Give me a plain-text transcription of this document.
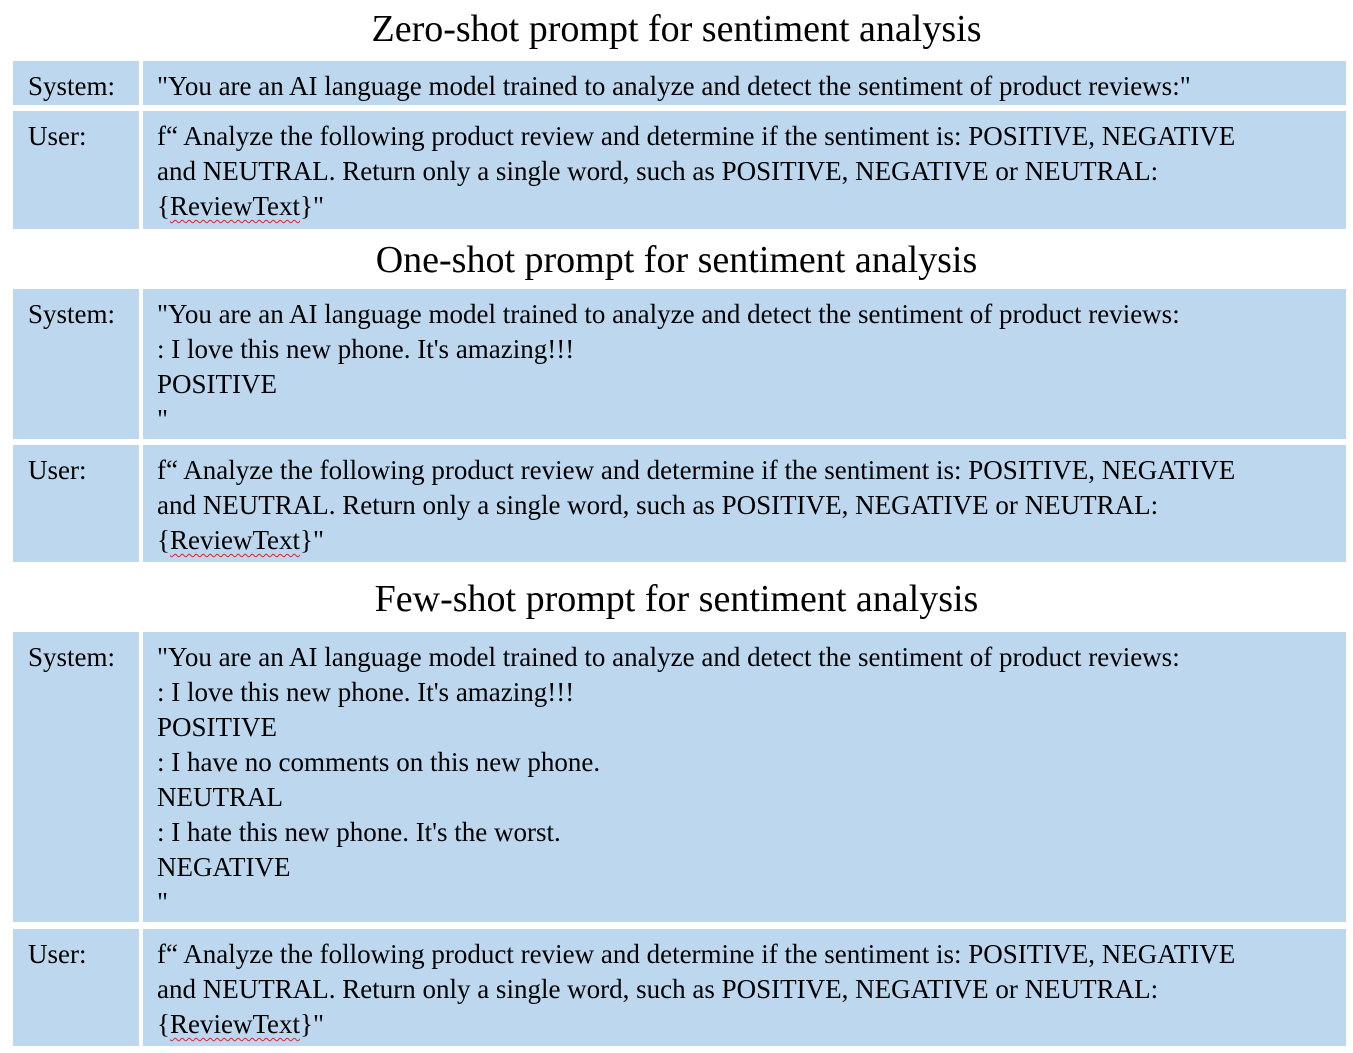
Zero-shot prompt for sentiment analysis
System:	"You are an AI language model trained to analyze and detect the sentiment of product reviews:"
User:	f“ Analyze the following product review and determine if the sentiment is: POSITIVE, NEGATIVE
and NEUTRAL. Return only a single word, such as POSITIVE, NEGATIVE or NEUTRAL:
{ReviewText}"
One-shot prompt for sentiment analysis
System:	"You are an AI language model trained to analyze and detect the sentiment of product reviews:
: I love this new phone. It's amazing!!!
POSITIVE
"
User:	f“ Analyze the following product review and determine if the sentiment is: POSITIVE, NEGATIVE
and NEUTRAL. Return only a single word, such as POSITIVE, NEGATIVE or NEUTRAL:
{ReviewText}"
Few-shot prompt for sentiment analysis
System:	"You are an AI language model trained to analyze and detect the sentiment of product reviews:
: I love this new phone. It's amazing!!!
POSITIVE
: I have no comments on this new phone.
NEUTRAL
: I hate this new phone. It's the worst.
NEGATIVE
"
User:	f“ Analyze the following product review and determine if the sentiment is: POSITIVE, NEGATIVE
and NEUTRAL. Return only a single word, such as POSITIVE, NEGATIVE or NEUTRAL:
{ReviewText}"
